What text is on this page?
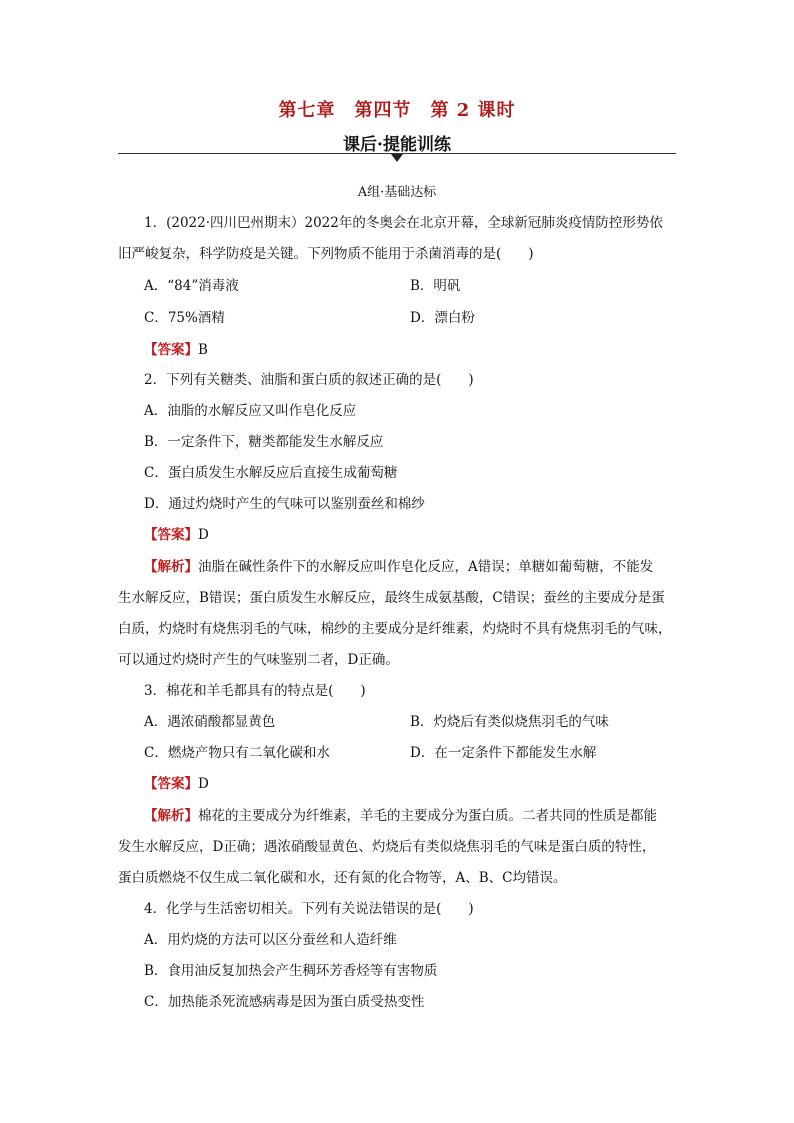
第七章　第四节　第 2 课时
课后·提能训练
A组·基础达标
1．(2022·四川巴州期末）2022年的冬奥会在北京开幕，全球新冠肺炎疫情防控形势依
旧严峻复杂，科学防疫是关键。下列物质不能用于杀菌消毒的是(　　)
A．“84”消毒液	B．明矾
C．75%酒精	D．漂白粉
【答案】B
2．下列有关糖类、油脂和蛋白质的叙述正确的是(　　)
A．油脂的水解反应又叫作皂化反应
B．一定条件下，糖类都能发生水解反应
C．蛋白质发生水解反应后直接生成葡萄糖
D．通过灼烧时产生的气味可以鉴别蚕丝和棉纱
【答案】D
【解析】油脂在碱性条件下的水解反应叫作皂化反应，A错误；单糖如葡萄糖，不能发
生水解反应，B错误；蛋白质发生水解反应，最终生成氨基酸，C错误；蚕丝的主要成分是蛋
白质，灼烧时有烧焦羽毛的气味，棉纱的主要成分是纤维素，灼烧时不具有烧焦羽毛的气味，
可以通过灼烧时产生的气味鉴别二者，D正确。
3．棉花和羊毛都具有的特点是(　　)
A．遇浓硝酸都显黄色	B．灼烧后有类似烧焦羽毛的气味
C．燃烧产物只有二氧化碳和水	D．在一定条件下都能发生水解
【答案】D
【解析】棉花的主要成分为纤维素，羊毛的主要成分为蛋白质。二者共同的性质是都能
发生水解反应，D正确；遇浓硝酸显黄色、灼烧后有类似烧焦羽毛的气味是蛋白质的特性，
蛋白质燃烧不仅生成二氧化碳和水，还有氮的化合物等，A、B、C均错误。
4．化学与生活密切相关。下列有关说法错误的是(　　)
A．用灼烧的方法可以区分蚕丝和人造纤维
B．食用油反复加热会产生稠环芳香烃等有害物质
C．加热能杀死流感病毒是因为蛋白质受热变性
